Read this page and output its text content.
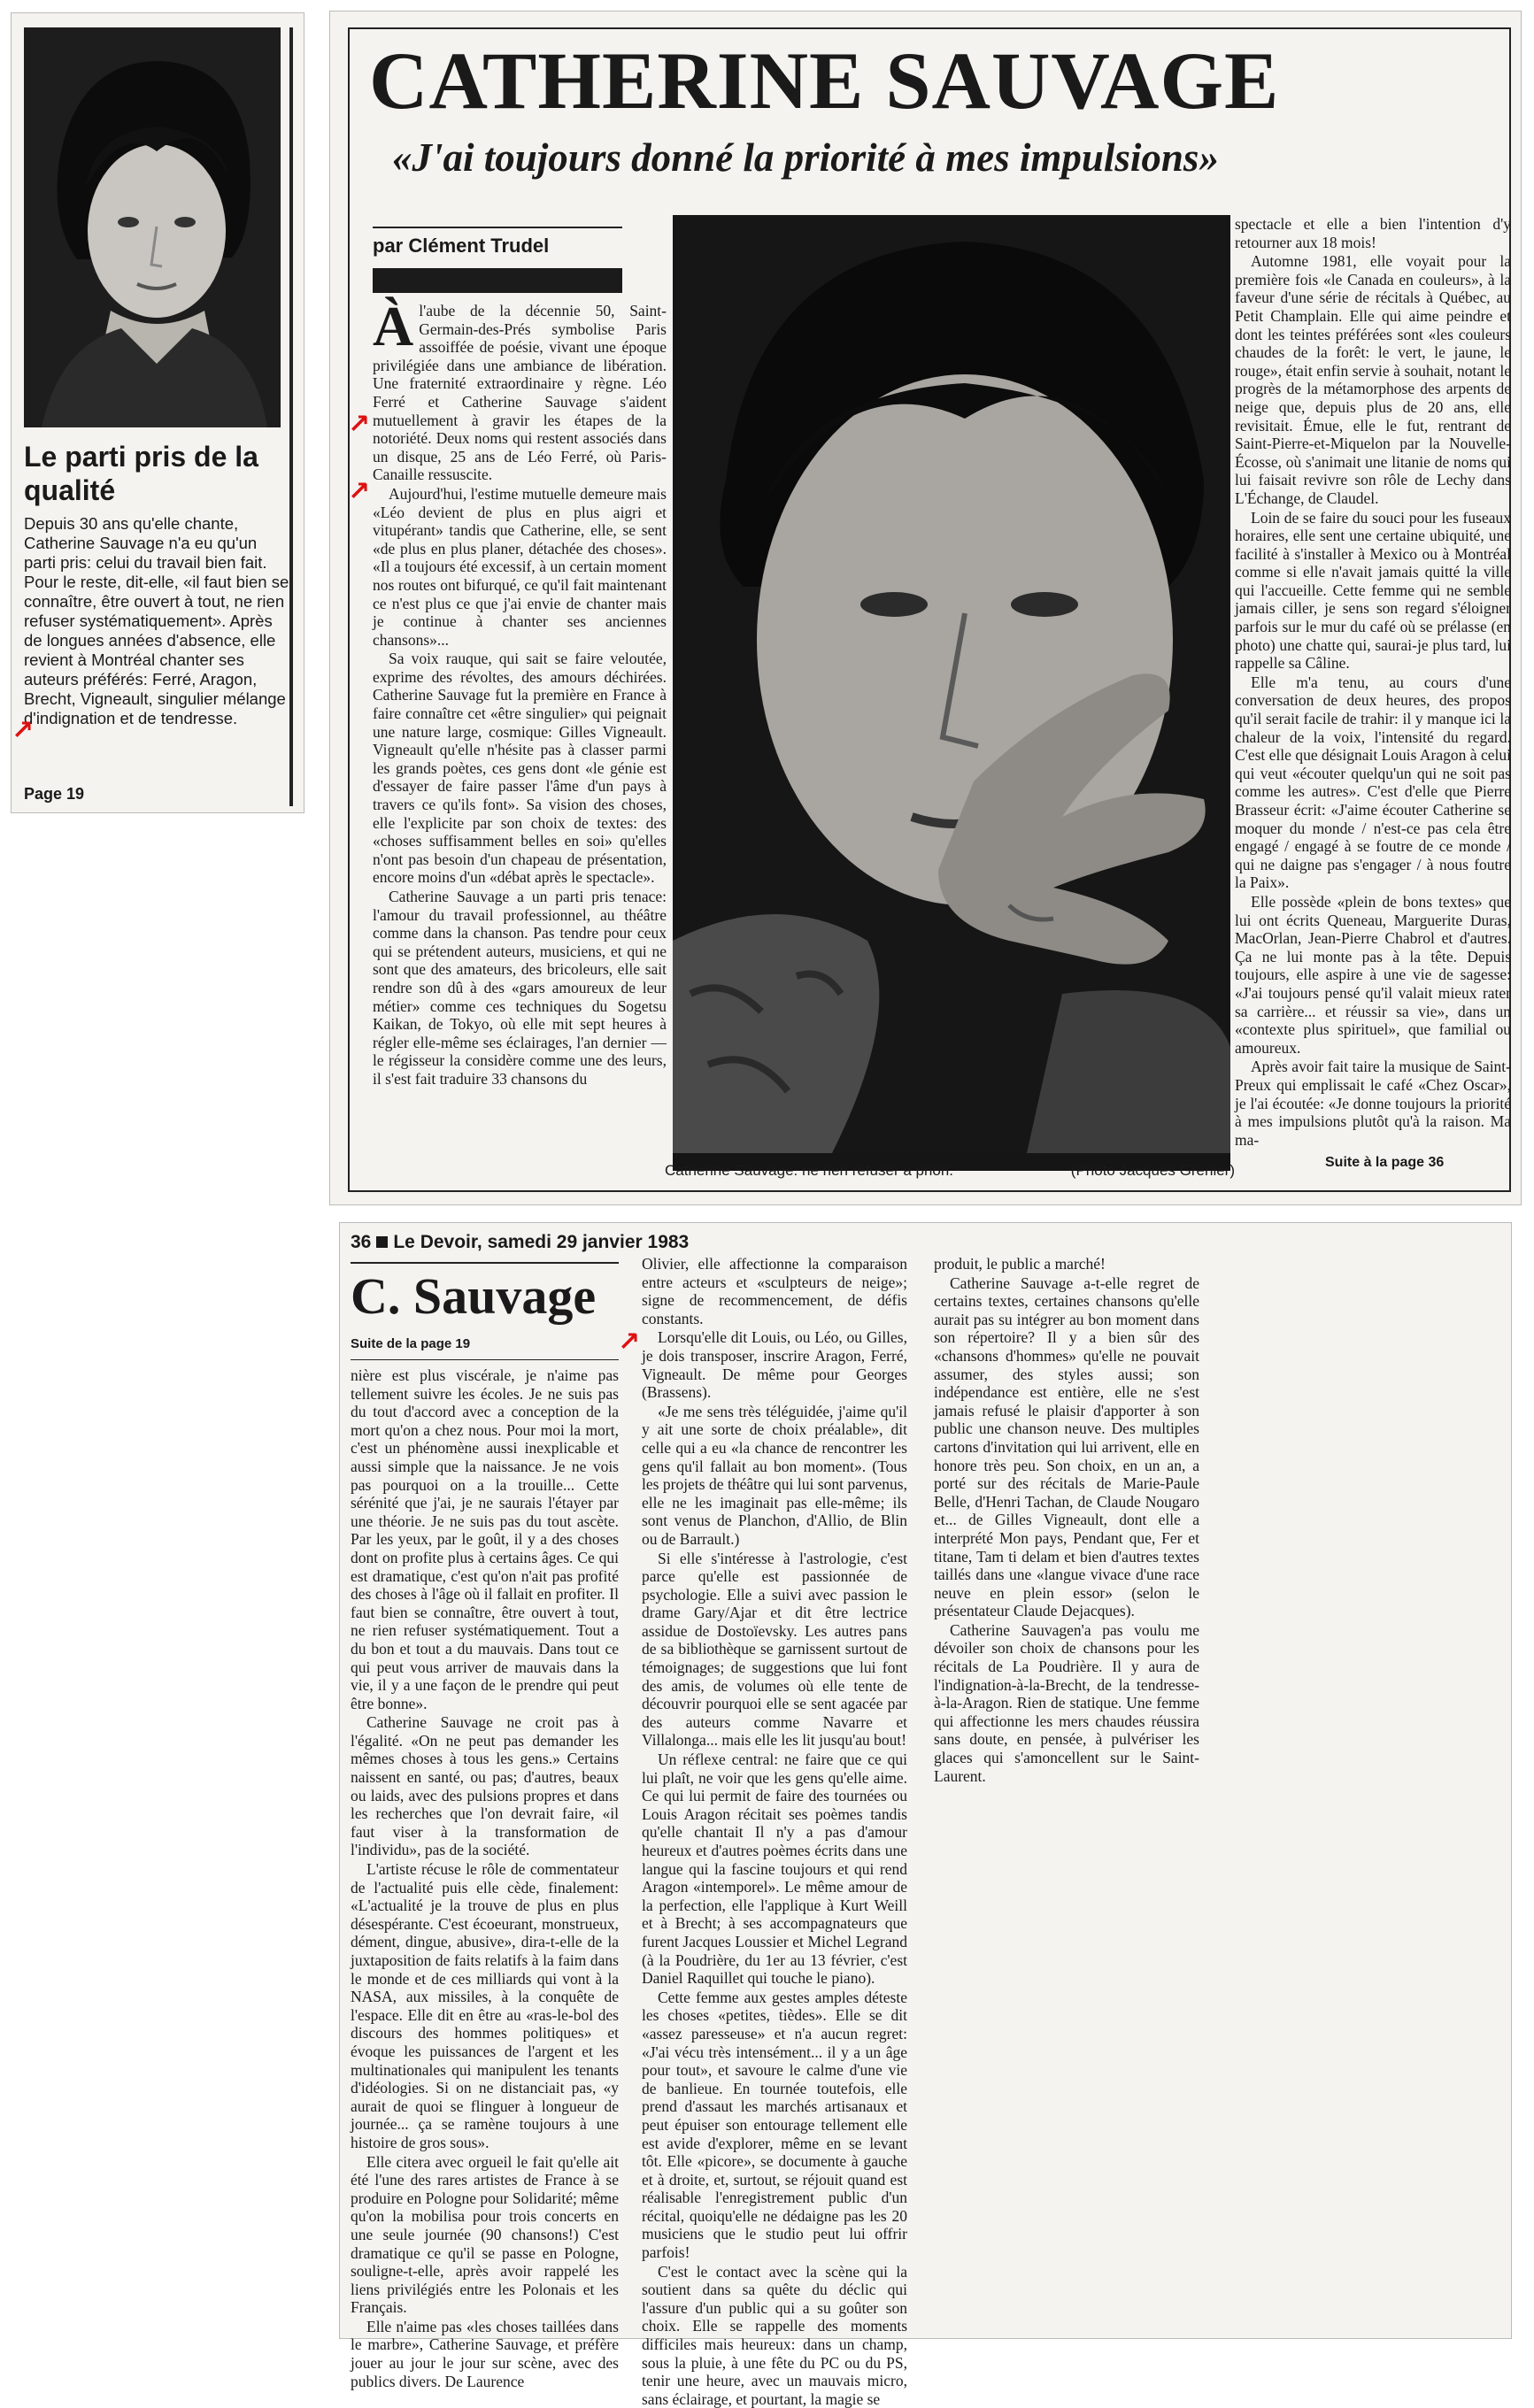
Le parti pris de la qualité
Depuis 30 ans qu'elle chante, Catherine Sauvage n'a eu qu'un parti pris: celui du travail bien fait. Pour le reste, dit-elle, «il faut bien se connaître, être ouvert à tout, ne rien refuser systématiquement». Après de longues années d'absence, elle revient à Montréal chanter ses auteurs préférés: Ferré, Aragon, Brecht, Vigneault, singulier mélange d'indignation et de tendresse.
Page 19
↗
CATHERINE SAUVAGE
«J'ai toujours donné la priorité à mes impulsions»
par Clément Trudel

Àl'aube de la décennie 50, Saint-Germain-des-Prés symbolise Paris assoiffée de poésie, vivant une époque privilégiée dans une ambiance de libération. Une fraternité extraordinaire y règne. Léo Ferré et Catherine Sauvage s'aident mutuellement à gravir les étapes de la notoriété. Deux noms qui restent associés dans un disque, 25 ans de Léo Ferré, où Paris-Canaille ressuscite.

Aujourd'hui, l'estime mutuelle demeure mais «Léo devient de plus en plus aigri et vitupérant» tandis que Catherine, elle, se sent «de plus en plus planer, détachée des choses». «Il a toujours été excessif, à un certain moment nos routes ont bifurqué, ce qu'il fait maintenant ce n'est plus ce que j'ai envie de chanter mais je continue à chanter ses anciennes chansons»...

Sa voix rauque, qui sait se faire veloutée, exprime des révoltes, des amours déchirées. Catherine Sauvage fut la première en France à faire connaître cet «être singulier» qui peignait une nature large, cosmique: Gilles Vigneault. Vigneault qu'elle n'hésite pas à classer parmi les grands poètes, ces gens dont «le génie est d'essayer de faire passer l'âme d'un pays à travers ce qu'ils font». Sa vision des choses, elle l'explicite par son choix de textes: des «choses suffisamment belles en soi» qu'elles n'ont pas besoin d'un chapeau de présentation, encore moins d'un «débat après le spectacle».

Catherine Sauvage a un parti pris tenace: l'amour du travail professionnel, au théâtre comme dans la chanson. Pas tendre pour ceux qui se prétendent auteurs, musiciens, et qui ne sont que des amateurs, des bricoleurs, elle sait rendre son dû à des «gars amoureux de leur métier» comme ces techniques du Sogetsu Kaikan, de Tokyo, où elle mit sept heures à régler elle-même ses éclairages, l'an dernier — le régisseur la considère comme une des leurs, il s'est fait traduire 33 chansons du

↗
↗
Catherine Sauvage: ne rien refuser a priori.	(Photo Jacques Grenier)

spectacle et elle a bien l'intention d'y retourner aux 18 mois!

Automne 1981, elle voyait pour la première fois «le Canada en couleurs», à la faveur d'une série de récitals à Québec, au Petit Champlain. Elle qui aime peindre et dont les teintes préférées sont «les couleurs chaudes de la forêt: le vert, le jaune, le rouge», était enfin servie à souhait, notant le progrès de la métamorphose des arpents de neige que, depuis plus de 20 ans, elle revisitait. Émue, elle le fut, rentrant de Saint-Pierre-et-Miquelon par la Nouvelle-Écosse, où s'animait une litanie de noms qui lui faisait revivre son rôle de Lechy dans L'Échange, de Claudel.

Loin de se faire du souci pour les fuseaux horaires, elle sent une certaine ubiquité, une facilité à s'installer à Mexico ou à Montréal comme si elle n'avait jamais quitté la ville qui l'accueille. Cette femme qui ne semble jamais ciller, je sens son regard s'éloigner parfois sur le mur du café où se prélasse (en photo) une chatte qui, saurai-je plus tard, lui rappelle sa Câline.

Elle m'a tenu, au cours d'une conversation de deux heures, des propos qu'il serait facile de trahir: il y manque ici la chaleur de la voix, l'intensité du regard. C'est elle que désignait Louis Aragon à celui qui veut «écouter quelqu'un qui ne soit pas comme les autres». C'est d'elle que Pierre Brasseur écrit: «J'aime écouter Catherine se moquer du monde / n'est-ce pas cela être engagé / engagé à se foutre de ce monde / qui ne daigne pas s'engager / à nous foutre la Paix».

Elle possède «plein de bons textes» que lui ont écrits Queneau, Marguerite Duras, MacOrlan, Jean-Pierre Chabrol et d'autres. Ça ne lui monte pas à la tête. Depuis toujours, elle aspire à une vie de sagesse: «J'ai toujours pensé qu'il valait mieux rater sa carrière... et réussir sa vie», dans un «contexte plus spirituel», que familial ou amoureux.

Après avoir fait taire la musique de Saint-Preux qui emplissait le café «Chez Oscar», je l'ai écoutée: «Je donne toujours la priorité à mes impulsions plutôt qu'à la raison. Ma ma-

Suite à la page 36
36 Le Devoir, samedi 29 janvier 1983
C. Sauvage
Suite de la page 19

nière est plus viscérale, je n'aime pas tellement suivre les écoles. Je ne suis pas du tout d'accord avec a conception de la mort qu'on a chez nous. Pour moi la mort, c'est un phénomène aussi inexplicable et aussi simple que la naissance. Je ne vois pas pourquoi on a la trouille... Cette sérénité que j'ai, je ne saurais l'étayer par une théorie. Je ne suis pas du tout ascète. Par les yeux, par le goût, il y a des choses dont on profite plus à certains âges. Ce qui est dramatique, c'est qu'on n'ait pas profité des choses à l'âge où il fallait en profiter. Il faut bien se connaître, être ouvert à tout, ne rien refuser systématiquement. Tout a du bon et tout a du mauvais. Dans tout ce qui peut vous arriver de mauvais dans la vie, il y a une façon de le prendre qui peut être bonne».

Catherine Sauvage ne croit pas à l'égalité. «On ne peut pas demander les mêmes choses à tous les gens.» Certains naissent en santé, ou pas; d'autres, beaux ou laids, avec des pulsions propres et dans les recherches que l'on devrait faire, «il faut viser à la transformation de l'individu», pas de la société.

L'artiste récuse le rôle de commentateur de l'actualité puis elle cède, finalement: «L'actualité je la trouve de plus en plus désespérante. C'est écoeurant, monstrueux, dément, dingue, abusive», dira-t-elle de la juxtaposition de faits relatifs à la faim dans le monde et de ces milliards qui vont à la NASA, aux missiles, à la conquête de l'espace. Elle dit en être au «ras-le-bol des discours des hommes politiques» et évoque les puissances de l'argent et les multinationales qui manipulent les tenants d'idéologies. Si on ne distanciait pas, «y aurait de quoi se flinguer à longueur de journée... ça se ramène toujours à une histoire de gros sous».

Elle citera avec orgueil le fait qu'elle ait été l'une des rares artistes de France à se produire en Pologne pour Solidarité; même qu'on la mobilisa pour trois concerts en une seule journée (90 chansons!) C'est dramatique ce qu'il se passe en Pologne, souligne-t-elle, après avoir rappelé les liens privilégiés entre les Polonais et les Français.

Elle n'aime pas «les choses taillées dans le marbre», Catherine Sauvage, et préfère jouer au jour le jour sur scène, avec des publics divers. De Laurence

Olivier, elle affectionne la comparaison entre acteurs et «sculpteurs de neige»; signe de recommencement, de défis constants.

Lorsqu'elle dit Louis, ou Léo, ou Gilles, je dois transposer, inscrire Aragon, Ferré, Vigneault. De même pour Georges (Brassens).

«Je me sens très téléguidée, j'aime qu'il y ait une sorte de choix préalable», dit celle qui a eu «la chance de rencontrer les gens qu'il fallait au bon moment». (Tous les projets de théâtre qui lui sont parvenus, elle ne les imaginait pas elle-même; ils sont venus de Planchon, d'Allio, de Blin ou de Barrault.)

Si elle s'intéresse à l'astrologie, c'est parce qu'elle est passionnée de psychologie. Elle a suivi avec passion le drame Gary/Ajar et dit être lectrice assidue de Dostoïevsky. Les autres pans de sa bibliothèque se garnissent surtout de témoignages; de suggestions que lui font des amis, de volumes où elle tente de découvrir pourquoi elle se sent agacée par des auteurs comme Navarre et Villalonga... mais elle les lit jusqu'au bout!

Un réflexe central: ne faire que ce qui lui plaît, ne voir que les gens qu'elle aime. Ce qui lui permit de faire des tournées ou Louis Aragon récitait ses poèmes tandis qu'elle chantait Il n'y a pas d'amour heureux et d'autres poèmes écrits dans une langue qui la fascine toujours et qui rend Aragon «intemporel». Le même amour de la perfection, elle l'applique à Kurt Weill et à Brecht; à ses accompagnateurs que furent Jacques Loussier et Michel Legrand (à la Poudrière, du 1er au 13 février, c'est Daniel Raquillet qui touche le piano).

Cette femme aux gestes amples déteste les choses «petites, tièdes». Elle se dit «assez paresseuse» et n'a aucun regret: «J'ai vécu très intensément... il y a un âge pour tout», et savoure le calme d'une vie de banlieue. En tournée toutefois, elle prend d'assaut les marchés artisanaux et peut épuiser son entourage tellement elle est avide d'explorer, même en se levant tôt. Elle «picore», se documente à gauche et à droite, et, surtout, se réjouit quand est réalisable l'enregistrement public d'un récital, quoiqu'elle ne dédaigne pas les 20 musiciens que le studio peut lui offrir parfois!

C'est le contact avec la scène qui la soutient dans sa quête du déclic qui l'assure d'un public qui a su goûter son choix. Elle se rappelle des moments difficiles mais heureux: dans un champ, sous la pluie, à une fête du PC ou du PS, tenir une heure, avec un mauvais micro, sans éclairage, et pourtant, la magie se

↗

produit, le public a marché!

Catherine Sauvage a-t-elle regret de certains textes, certaines chansons qu'elle aurait pas su intégrer au bon moment dans son répertoire? Il y a bien sûr des «chansons d'hommes» qu'elle ne pouvait assumer, des styles aussi; son indépendance est entière, elle ne s'est jamais refusé le plaisir d'apporter à son public une chanson neuve. Des multiples cartons d'invitation qui lui arrivent, elle en honore très peu. Son choix, en un an, a porté sur des récitals de Marie-Paule Belle, d'Henri Tachan, de Claude Nougaro et... de Gilles Vigneault, dont elle a interprété Mon pays, Pendant que, Fer et titane, Tam ti delam et bien d'autres textes taillés dans une «langue vivace d'une race neuve en plein essor» (selon le présentateur Claude Dejacques).

Catherine Sauvagen'a pas voulu me dévoiler son choix de chansons pour les récitals de La Poudrière. Il y aura de l'indignation-à-la-Brecht, de la tendresse-à-la-Aragon. Rien de statique. Une femme qui affectionne les mers chaudes réussira sans doute, en pensée, à pulvériser les glaces qui s'amoncellent sur le Saint-Laurent.
